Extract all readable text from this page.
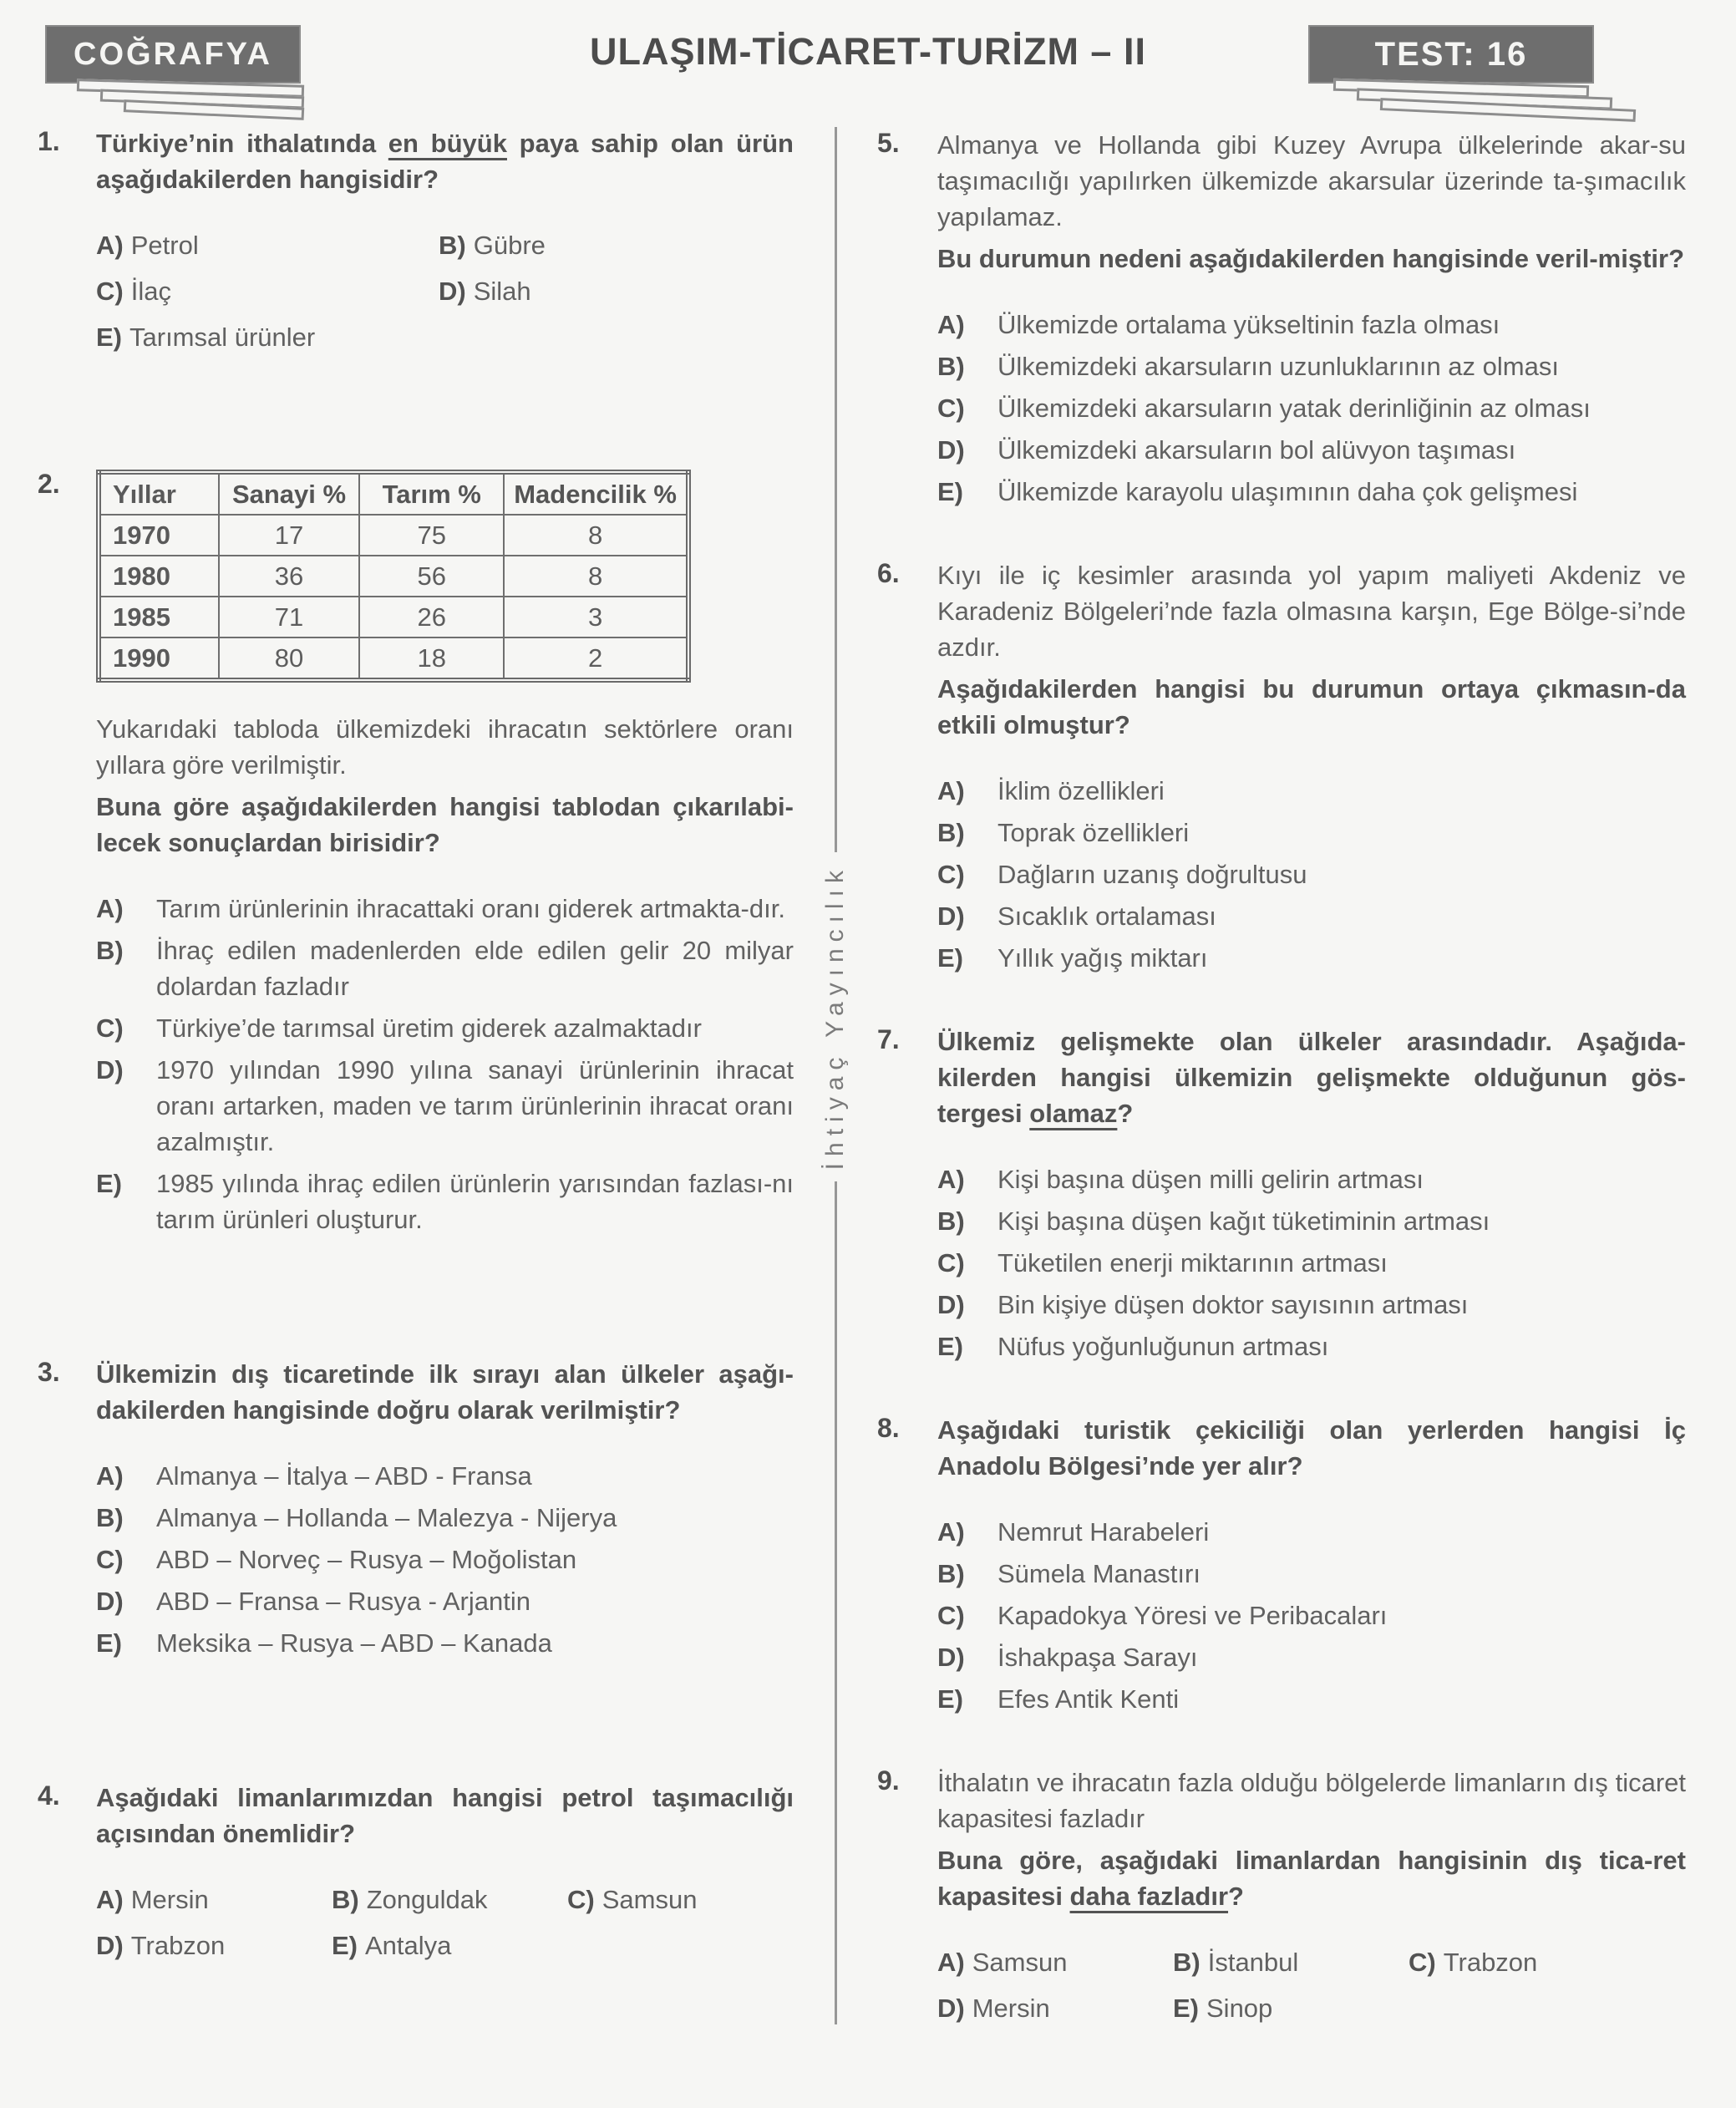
COĞRAFYA	ULAŞIM-TİCARET-TURİZM – II	TEST: 16
1.	Türkiye’nin ithalatında en büyük paya sahip olan ürün aşağıdakilerden hangisidir?

A) Petrol	B) Gübre
C) İlaç	D) Silah
E) Tarımsal ürünler
2.	Yıllar	Sanayi %	Tarım %	Madencilik %
1970	17	75	8
1980	36	56	8
1985	71	26	3
1990	80	18	2

Yukarıdaki tabloda ülkemizdeki ihracatın sektörlere oranı yıllara göre verilmiştir.

Buna göre aşağıdakilerden hangisi tablodan çıkarılabi-lecek sonuçlardan birisidir?

A)	Tarım ürünlerinin ihracattaki oranı giderek artmakta-dır.
B)	İhraç edilen madenlerden elde edilen gelir 20 milyar dolardan fazladır
C)	Türkiye’de tarımsal üretim giderek azalmaktadır
D)	1970 yılından 1990 yılına sanayi ürünlerinin ihracat oranı artarken, maden ve tarım ürünlerinin ihracat oranı azalmıştır.
E)	1985 yılında ihraç edilen ürünlerin yarısından fazlası-nı tarım ürünleri oluşturur.
3.	Ülkemizin dış ticaretinde ilk sırayı alan ülkeler aşağı-dakilerden hangisinde doğru olarak verilmiştir?

A)	Almanya – İtalya – ABD - Fransa
B)	Almanya – Hollanda – Malezya - Nijerya
C)	ABD – Norveç – Rusya – Moğolistan
D)	ABD – Fransa – Rusya - Arjantin
E)	Meksika – Rusya – ABD – Kanada
4.	Aşağıdaki limanlarımızdan hangisi petrol taşımacılığı açısından önemlidir?

A) Mersin	B) Zonguldak	C) Samsun
D) Trabzon	E) Antalya
İhtiyaç Yayıncılık
5.	Almanya ve Hollanda gibi Kuzey Avrupa ülkelerinde akar-su taşımacılığı yapılırken ülkemizde akarsular üzerinde ta-şımacılık yapılamaz.

Bu durumun nedeni aşağıdakilerden hangisinde veril-miştir?

A)	Ülkemizde ortalama yükseltinin fazla olması
B)	Ülkemizdeki akarsuların uzunluklarının az olması
C)	Ülkemizdeki akarsuların yatak derinliğinin az olması
D)	Ülkemizdeki akarsuların bol alüvyon taşıması
E)	Ülkemizde karayolu ulaşımının daha çok gelişmesi
6.	Kıyı ile iç kesimler arasında yol yapım maliyeti Akdeniz ve Karadeniz Bölgeleri’nde fazla olmasına karşın, Ege Bölge-si’nde azdır.

Aşağıdakilerden hangisi bu durumun ortaya çıkmasın-da etkili olmuştur?

A)	İklim özellikleri
B)	Toprak özellikleri
C)	Dağların uzanış doğrultusu
D)	Sıcaklık ortalaması
E)	Yıllık yağış miktarı
7.	Ülkemiz gelişmekte olan ülkeler arasındadır. Aşağıda-kilerden hangisi ülkemizin gelişmekte olduğunun gös-tergesi olamaz?

A)	Kişi başına düşen milli gelirin artması
B)	Kişi başına düşen kağıt tüketiminin artması
C)	Tüketilen enerji miktarının artması
D)	Bin kişiye düşen doktor sayısının artması
E)	Nüfus yoğunluğunun artması
8.	Aşağıdaki turistik çekiciliği olan yerlerden hangisi İç Anadolu Bölgesi’nde yer alır?

A)	Nemrut Harabeleri
B)	Sümela Manastırı
C)	Kapadokya Yöresi ve Peribacaları
D)	İshakpaşa Sarayı
E)	Efes Antik Kenti
9.	İthalatın ve ihracatın fazla olduğu bölgelerde limanların dış ticaret kapasitesi fazladır

Buna göre, aşağıdaki limanlardan hangisinin dış tica-ret kapasitesi daha fazladır?

A) Samsun	B) İstanbul	C) Trabzon
D) Mersin	E) Sinop
